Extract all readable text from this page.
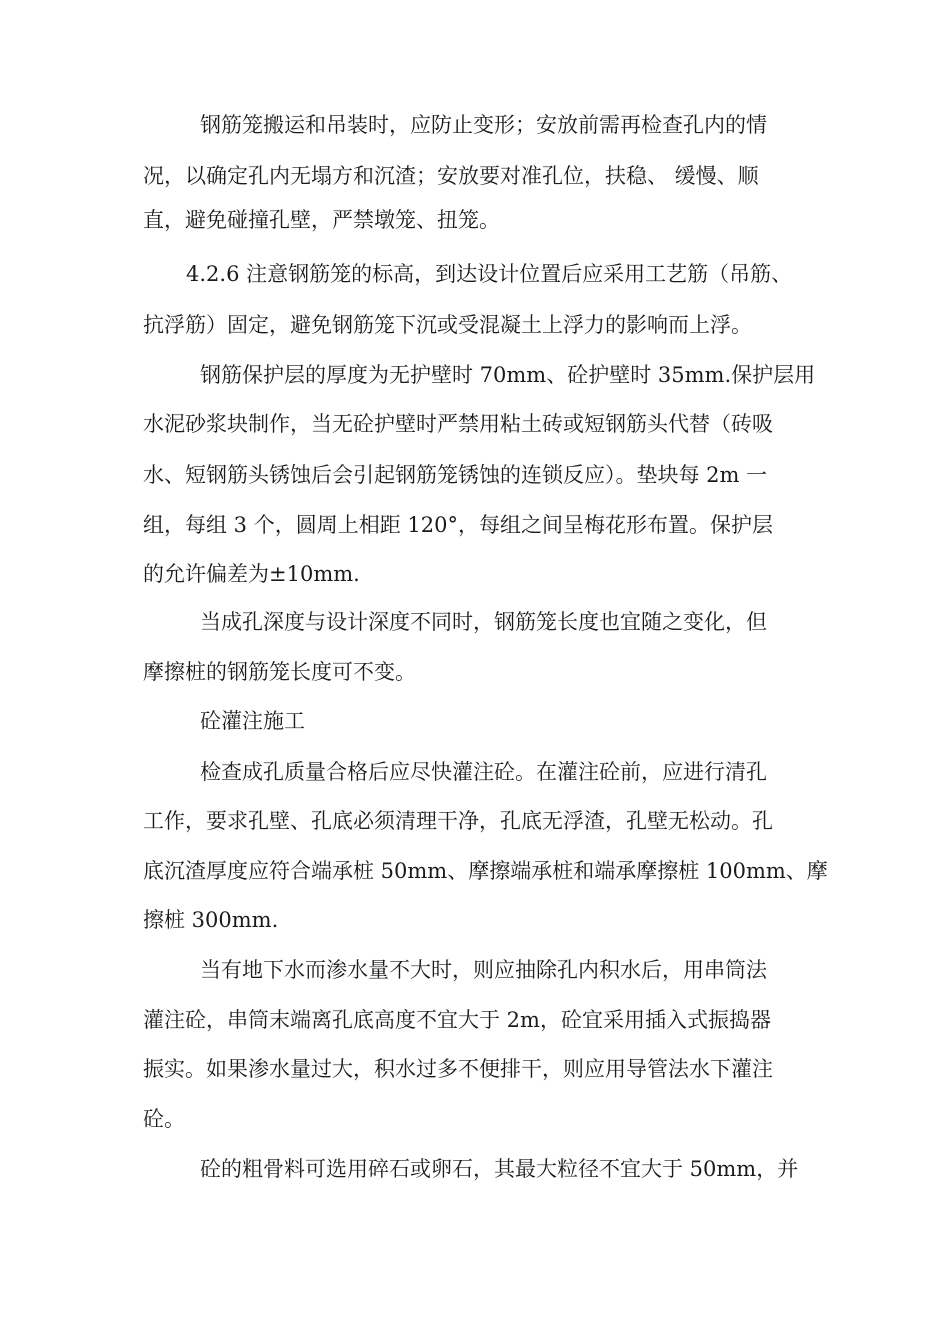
钢筋笼搬运和吊装时，应防止变形；安放前需再检查孔内的情

况，以确定孔内无塌方和沉渣；安放要对准孔位，扶稳、 缓慢、顺

直，避免碰撞孔壁，严禁墩笼、扭笼。

4.2.6 注意钢筋笼的标高，到达设计位置后应采用工艺筋（吊筋、

抗浮筋）固定，避免钢筋笼下沉或受混凝土上浮力的影响而上浮。

钢筋保护层的厚度为无护壁时 70mm、砼护壁时 35mm.保护层用

水泥砂浆块制作，当无砼护壁时严禁用粘土砖或短钢筋头代替（砖吸

水、短钢筋头锈蚀后会引起钢筋笼锈蚀的连锁反应）。垫块每 2m 一

组，每组 3 个，圆周上相距 120°，每组之间呈梅花形布置。保护层

的允许偏差为±10mm.

当成孔深度与设计深度不同时，钢筋笼长度也宜随之变化，但

摩擦桩的钢筋笼长度可不变。

砼灌注施工

检查成孔质量合格后应尽快灌注砼。在灌注砼前，应进行清孔

工作，要求孔壁、孔底必须清理干净，孔底无浮渣，孔壁无松动。孔

底沉渣厚度应符合端承桩 50mm、摩擦端承桩和端承摩擦桩 100mm、摩

擦桩 300mm.

当有地下水而渗水量不大时，则应抽除孔内积水后，用串筒法

灌注砼，串筒末端离孔底高度不宜大于 2m，砼宜采用插入式振捣器

振实。如果渗水量过大，积水过多不便排干，则应用导管法水下灌注

砼。

砼的粗骨料可选用碎石或卵石，其最大粒径不宜大于 50mm，并
